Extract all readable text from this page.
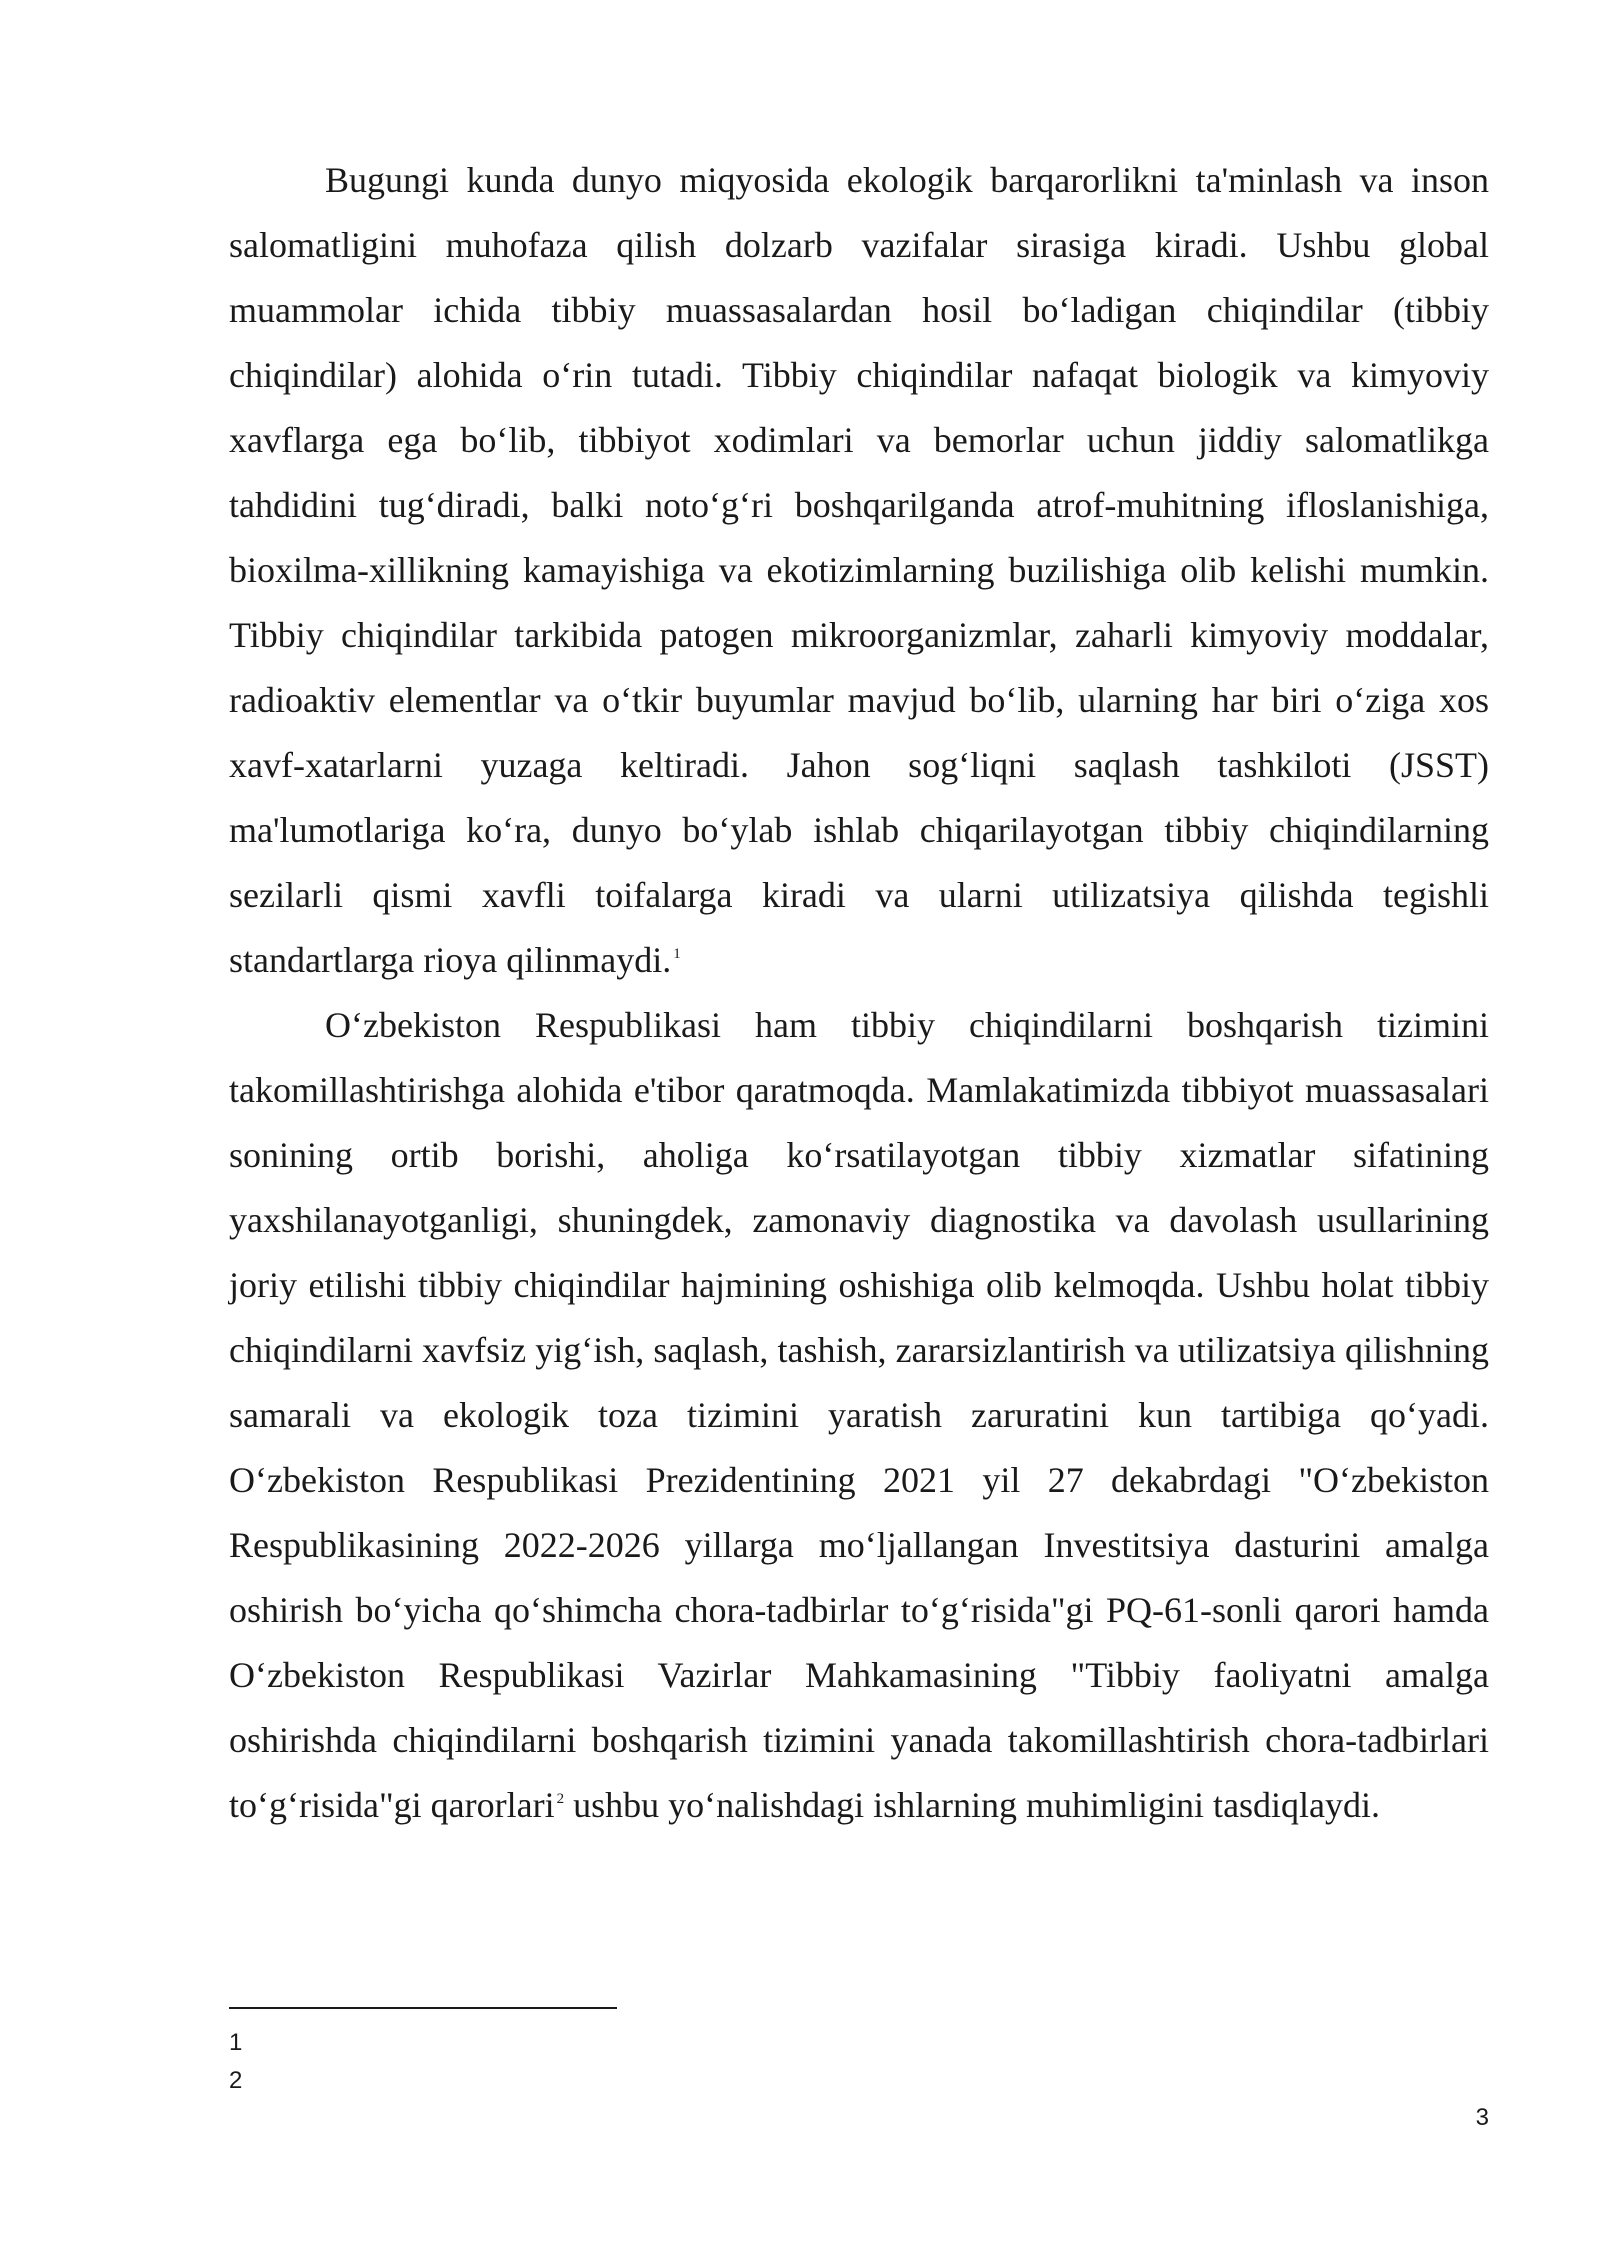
Bugungi kunda dunyo miqyosida ekologik barqarorlikni ta'minlash va inson salomatligini muhofaza qilish dolzarb vazifalar sirasiga kiradi. Ushbu global muammolar ichida tibbiy muassasalardan hosil bo‘ladigan chiqindilar (tibbiy chiqindilar) alohida o‘rin tutadi. Tibbiy chiqindilar nafaqat biologik va kimyoviy xavflarga ega bo‘lib, tibbiyot xodimlari va bemorlar uchun jiddiy salomatlikga tahdidini tug‘diradi, balki noto‘g‘ri boshqarilganda atrof-muhitning ifloslanishiga, bioxilma-xillikning kamayishiga va ekotizimlarning buzilishiga olib kelishi mumkin. Tibbiy chiqindilar tarkibida patogen mikroorganizmlar, zaharli kimyoviy moddalar, radioaktiv elementlar va o‘tkir buyumlar mavjud bo‘lib, ularning har biri o‘ziga xos xavf-xatarlarni yuzaga keltiradi. Jahon sog‘liqni saqlash tashkiloti (JSST) ma'lumotlariga ko‘ra, dunyo bo‘ylab ishlab chiqarilayotgan tibbiy chiqindilarning sezilarli qismi xavfli toifalarga kiradi va ularni utilizatsiya qilishda tegishli standartlarga rioya qilinmaydi. $^1$

O‘zbekiston Respublikasi ham tibbiy chiqindilarni boshqarish tizimini takomillashtirishga alohida e'tibor qaratmoqda. Mamlakatimizda tibbiyot muassasalari sonining ortib borishi, aholiga ko‘rsatilayotgan tibbiy xizmatlar sifatining yaxshilanayotganligi, shuningdek, zamonaviy diagnostika va davolash usullarining joriy etilishi tibbiy chiqindilar hajmining oshishiga olib kelmoqda. Ushbu holat tibbiy chiqindilarni xavfsiz yig‘ish, saqlash, tashish, zararsizlantirish va utilizatsiya qilishning samarali va ekologik toza tizimini yaratish zaruratini kun tartibiga qo‘yadi. O‘zbekiston Respublikasi Prezidentining 2021 yil 27 dekabrdagi "O‘zbekiston Respublikasining 2022-2026 yillarga mo‘ljallangan Investitsiya dasturini amalga oshirish bo‘yicha qo‘shimcha chora-tadbirlar to‘g‘risida"gi PQ-61-sonli qarori hamda O‘zbekiston Respublikasi Vazirlar Mahkamasining "Tibbiy faoliyatni amalga oshirishda chiqindilarni boshqarish tizimini yanada takomillashtirish chora-tadbirlari to‘g‘risida"gi qarorlari $^2$ ushbu yo‘nalishdagi ishlarning muhimligini tasdiqlaydi.

1

2

3
